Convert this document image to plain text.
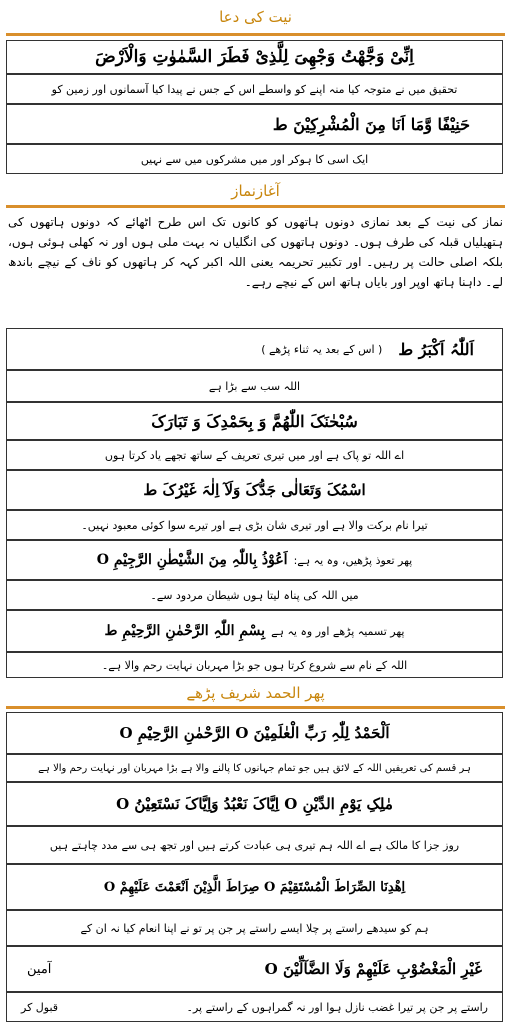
نیت کی دعا
اِنِّیْ وَجَّهْتُ وَجْهِیَ لِلَّذِیْ فَطَرَ السَّمٰوٰتِ وَالْاَرْضَ
تحقیق میں نے متوجہ کیا منہ اپنے کو واسطے اس کے جس نے پیدا کیا آسمانوں اور زمین کو
حَنِیْفًا وَّمَا اَنَا مِنَ الْمُشْرِکِیْنَ ط
ایک اسی کا ہوکر اور میں مشرکوں میں سے نہیں
آغازنماز
نماز کی نیت کے بعد نمازی دونوں ہاتھوں کو کانوں تک اس طرح اٹھائے کہ دونوں ہاتھوں کی ہتھیلیاں قبلہ کی طرف ہوں۔ دونوں ہاتھوں کی انگلیاں نہ بہت ملی ہوں اور نہ کھلی ہوئی ہوں، بلکہ اصلی حالت پر رہیں۔ اور تکبیر تحریمہ یعنی اللہ اکبر کہہ کر ہاتھوں کو ناف کے نیچے باندھ لے۔ داہنا ہاتھ اوپر اور بایاں ہاتھ اس کے نیچے رہے۔
اَللّٰہُ اَکْبَرُ ط
( اس کے بعد یہ ثناء پڑھے )
اللہ سب سے بڑا ہے
سُبْحٰنَکَ اللّٰھُمَّ وَ بِحَمْدِکَ وَ تَبَارَکَ
اے اللہ تو پاک ہے اور میں تیری تعریف کے ساتھ تجھے یاد کرتا ہوں
اسْمُکَ وَتَعَالٰی جَدُّکَ وَلَآ اِلٰہَ غَیْرُکَ ط
تیرا نام برکت والا ہے اور تیری شان بڑی ہے اور تیرے سوا کوئی معبود نہیں۔
پھر تعوذ پڑھیں، وہ یہ ہے:
اَعُوْذُ بِاللّٰہِ مِنَ الشَّیْطٰنِ الرَّجِیْمِ O
میں اللہ کی پناہ لیتا ہوں شیطان مردود سے۔
پھر تسمیہ پڑھے اور وہ یہ ہے
بِسْمِ اللّٰہِ الرَّحْمٰنِ الرَّحِیْمِ ط
اللہ کے نام سے شروع کرتا ہوں جو بڑا مہربان نہایت رحم والا ہے۔
پھر الحمد شریف پڑھے
اَلْحَمْدُ لِلّٰہِ رَبِّ الْعٰلَمِیْنَ O الرَّحْمٰنِ الرَّحِیْمِ O
ہر قسم کی تعریفیں اللہ کے لائق ہیں جو تمام جہانوں کا پالنے والا ہے بڑا مہربان اور نہایت رحم والا ہے
مٰلِکِ یَوْمِ الدِّیْنِ O اِیَّاکَ نَعْبُدُ وَاِیَّاکَ نَسْتَعِیْنُ O
روز جزا کا مالک ہے اے اللہ ہم تیری ہی عبادت کرتے ہیں اور تجھ ہی سے مدد چاہتے ہیں
اِھْدِنَا الصِّرَاطَ الْمُسْتَقِیْمَ O صِرَاطَ الَّذِیْنَ اَنْعَمْتَ عَلَیْھِمْ O
ہم کو سیدھے راستے پر چلا ایسے راستے پر جن پر تو نے اپنا انعام کیا نہ ان کے
غَیْرِ الْمَغْضُوْبِ عَلَیْھِمْ وَلَا الضَّآلِّیْنَ O
آمین
راستے پر جن پر تیرا غضب نازل ہوا اور نہ گمراہوں کے راستے پر۔
قبول کر
